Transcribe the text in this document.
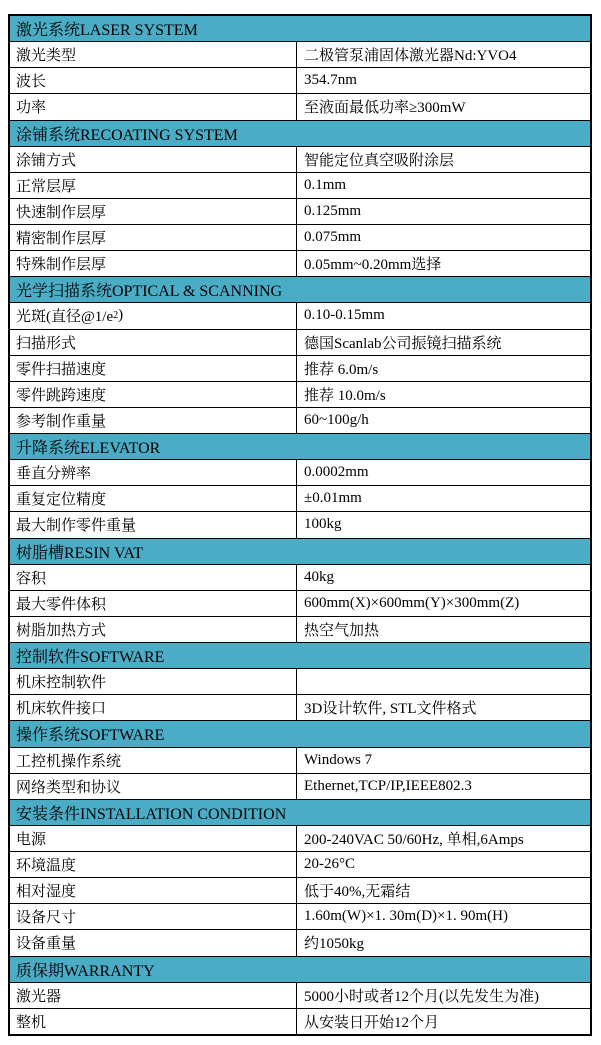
激光系统LASER SYSTEM
激光类型	二极管泵浦固体激光器Nd:YVO4
波长	354.7nm
功率	至液面最低功率≥300mW
涂铺系统RECOATING SYSTEM
涂铺方式	智能定位真空吸附涂层
正常层厚	0.1mm
快速制作层厚	0.125mm
精密制作层厚	0.075mm
特殊制作层厚	0.05mm~0.20mm选择
光学扫描系统OPTICAL & SCANNING
光斑(直径@1/e 2 )	0.10-0.15mm
扫描形式	德国Scanlab公司振镜扫描系统
零件扫描速度	推荐 6.0m/s
零件跳跨速度	推荐 10.0m/s
参考制作重量	60~100g/h
升降系统ELEVATOR
垂直分辨率	0.0002mm
重复定位精度	±0.01mm
最大制作零件重量	100kg
树脂槽RESIN VAT
容积	40kg
最大零件体积	600mm(X)×600mm(Y)×300mm(Z)
树脂加热方式	热空气加热
控制软件SOFTWARE
机床控制软件
机床软件接口	3D设计软件, STL文件格式
操作系统SOFTWARE
工控机操作系统	Windows 7
网络类型和协议	Ethernet,TCP/IP,IEEE802.3
安装条件INSTALLATION CONDITION
电源	200-240VAC 50/60Hz, 单相,6Amps
环境温度	20-26°C
相对湿度	低于40%,无霜结
设备尺寸	1.60m(W)×1. 30m(D)×1. 90m(H)
设备重量	约1050kg
质保期WARRANTY
激光器	5000小时或者12个月(以先发生为准)
整机	从安装日开始12个月
